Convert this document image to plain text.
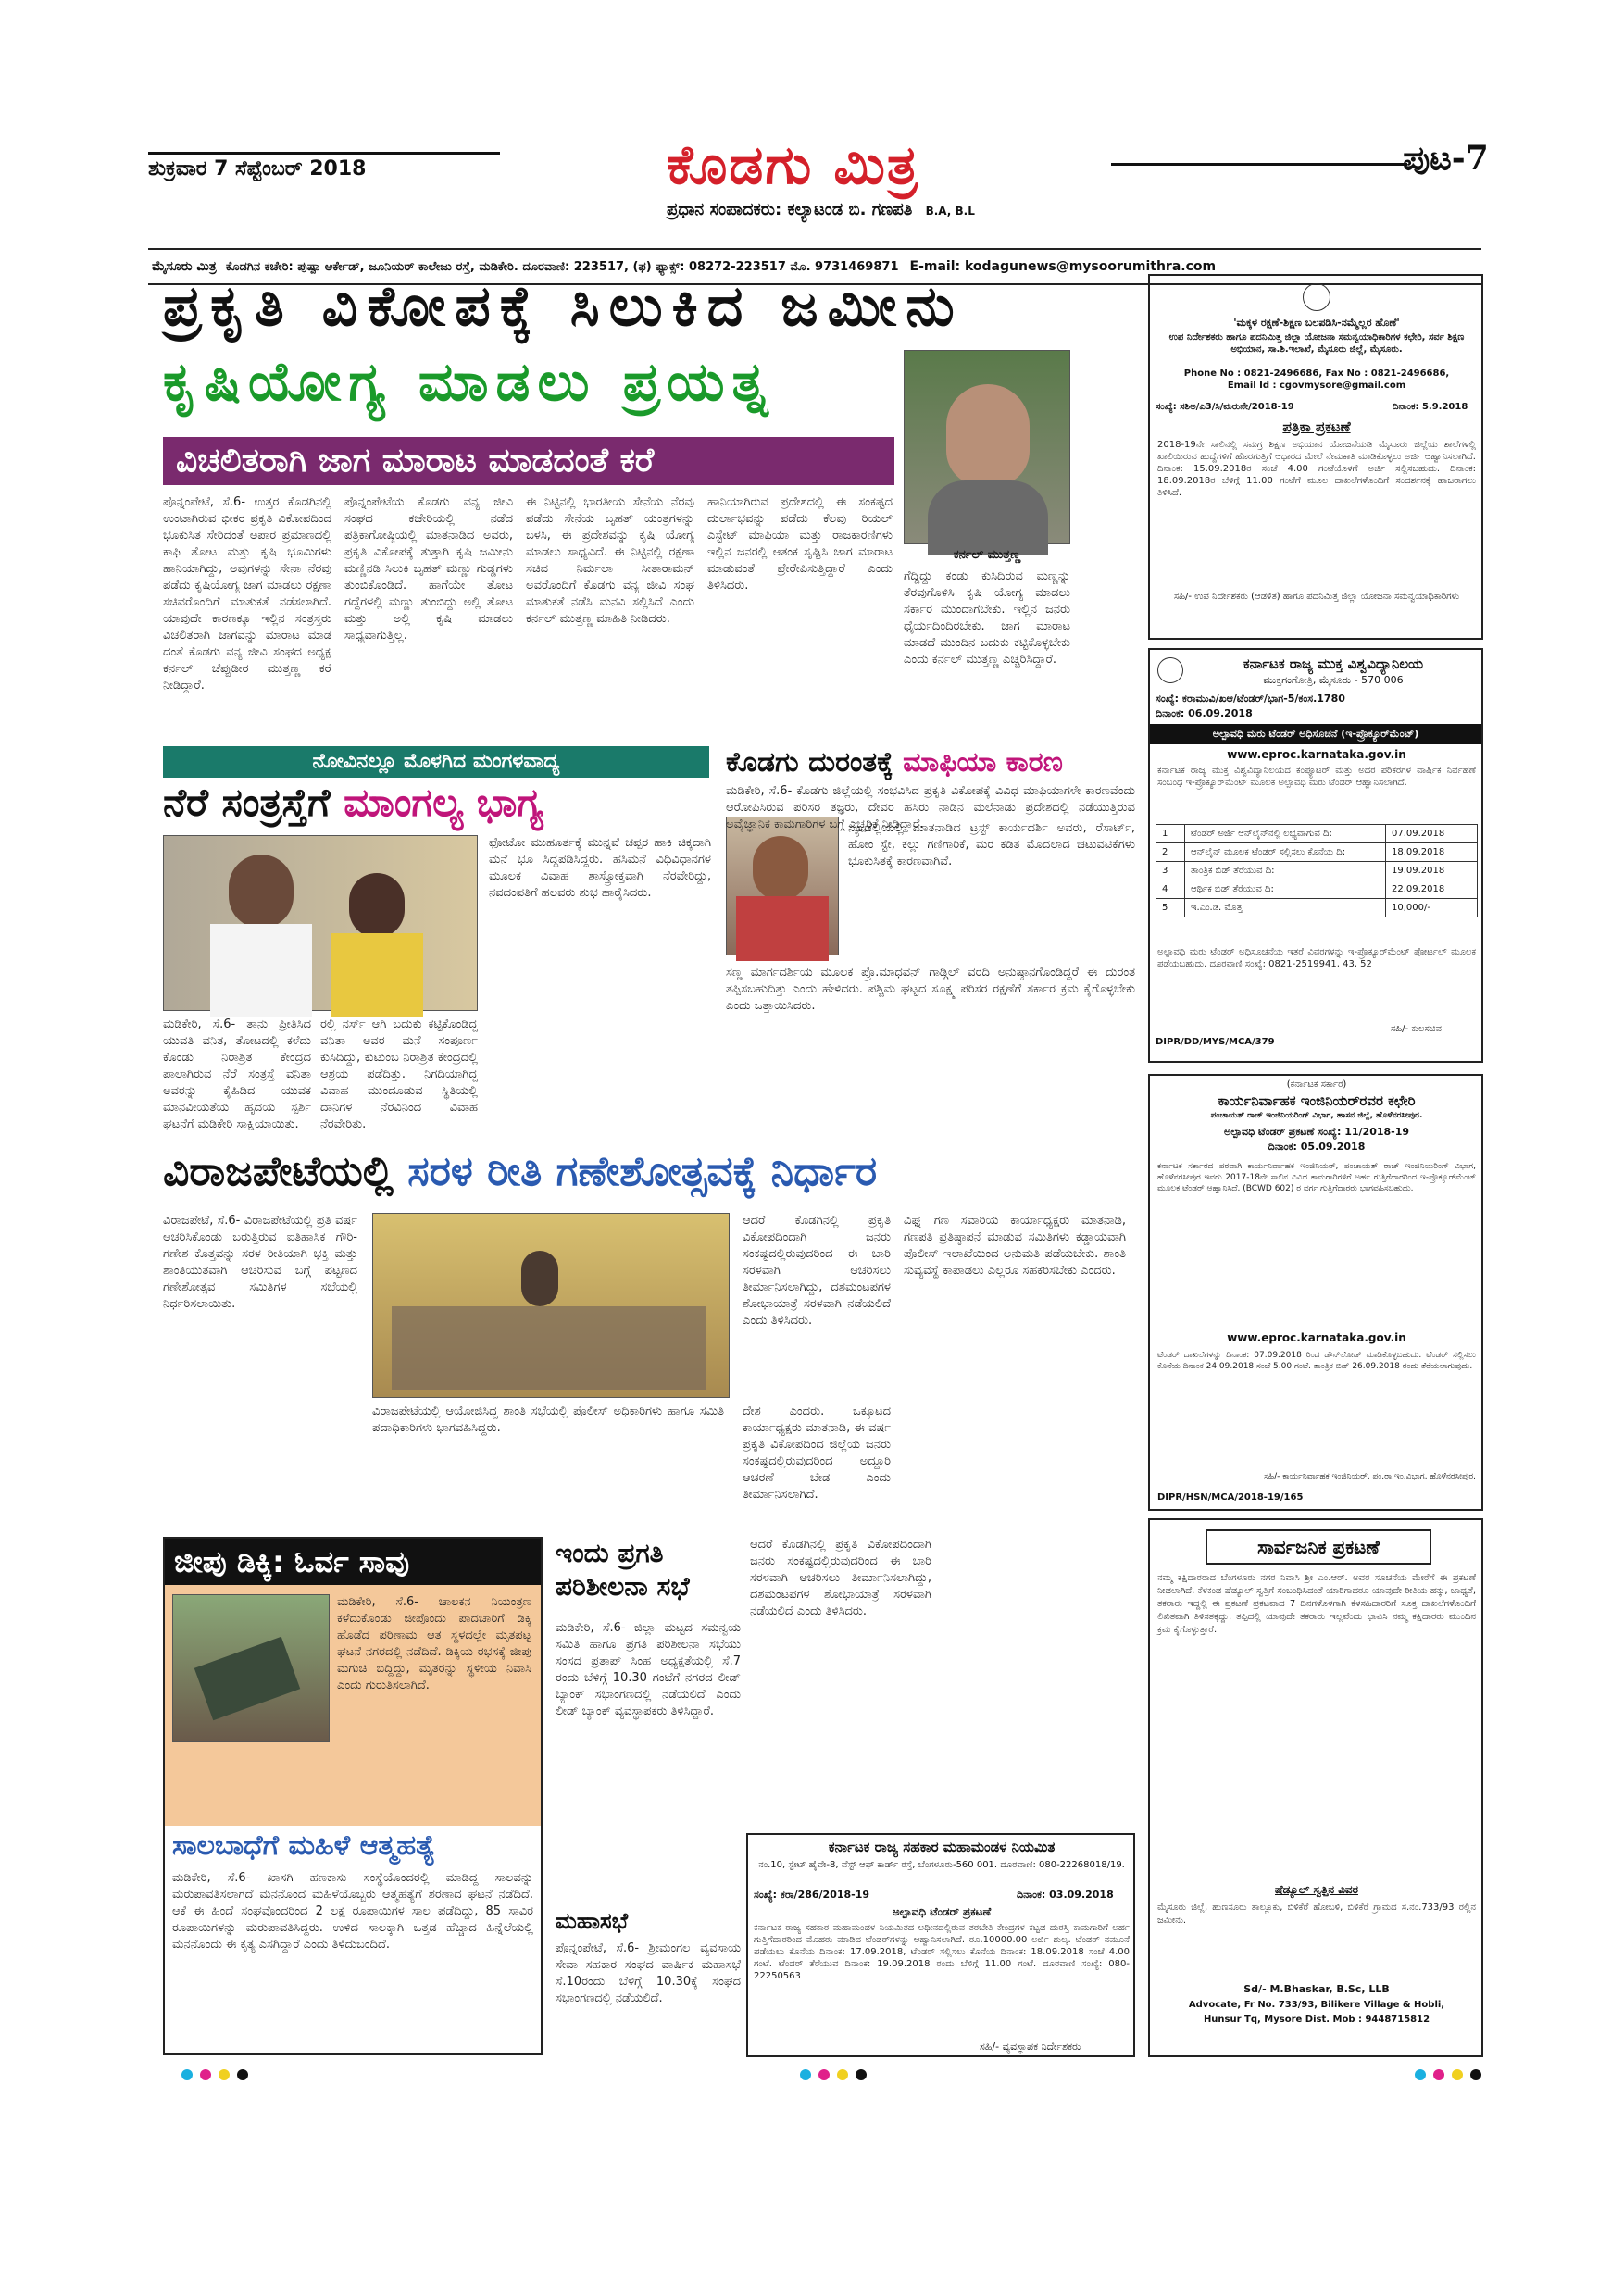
ಶುಕ್ರವಾರ 7 ಸೆಪ್ಟೆಂಬರ್ 2018	ಕೊಡಗು ಮಿತ್ರ
ಪ್ರಧಾನ ಸಂಪಾದಕರು: ಕಲ್ಯಾಟಂಡ ಬಿ. ಗಣಪತಿ B.A, B.L
ಪುಟ-7
ಮೈಸೂರು ಮಿತ್ರ ಕೊಡಗಿನ ಕಚೇರಿ: ಪುಷ್ಪಾ ಆರ್ಕೇಡ್, ಜೂನಿಯರ್ ಕಾಲೇಜು ರಸ್ತೆ, ಮಡಿಕೇರಿ. ದೂರವಾಣಿ: 223517, (ಫ) ಫ್ಯಾಕ್ಸ್: 08272-223517 ಮೊ. 9731469871 E-mail: kodagunews@mysoorumithra.com
ಪ್ರಕೃತಿ ವಿಕೋಪಕ್ಕೆ ಸಿಲುಕಿದ ಜಮೀನು
ಕೃಷಿಯೋಗ್ಯ ಮಾಡಲು ಪ್ರಯತ್ನ
ವಿಚಲಿತರಾಗಿ ಜಾಗ ಮಾರಾಟ ಮಾಡದಂತೆ ಕರೆ
ಕರ್ನಲ್ ಮುತ್ತಣ್ಣ
ಪೊನ್ನಂಪೇಟೆ, ಸೆ.6- ಉತ್ತರ ಕೊಡಗಿನಲ್ಲಿ ಉಂಟಾಗಿರುವ ಭೀಕರ ಪ್ರಕೃತಿ ವಿಕೋಪದಿಂದ ಭೂಕುಸಿತ ಸೇರಿದಂತೆ ಅಪಾರ ಪ್ರಮಾಣದಲ್ಲಿ ಕಾಫಿ ತೋಟ ಮತ್ತು ಕೃಷಿ ಭೂಮಿಗಳು ಹಾನಿಯಾಗಿದ್ದು, ಅವುಗಳನ್ನು ಸೇನಾ ನೆರವು ಪಡೆದು ಕೃಷಿಯೋಗ್ಯ ಜಾಗ ಮಾಡಲು ರಕ್ಷಣಾ ಸಚಿವರೊಂದಿಗೆ ಮಾತುಕತೆ ನಡೆಸಲಾಗಿದೆ. ಯಾವುದೇ ಕಾರಣಕ್ಕೂ ಇಲ್ಲಿನ ಸಂತ್ರಸ್ತರು ವಿಚಲಿತರಾಗಿ ಜಾಗವನ್ನು ಮಾರಾಟ ಮಾಡ ದಂತೆ ಕೊಡಗು ವನ್ಯ ಜೀವಿ ಸಂಘದ ಅಧ್ಯಕ್ಷ ಕರ್ನಲ್ ಚೆಪ್ಪುಡೀರ ಮುತ್ತಣ್ಣ ಕರೆ ನೀಡಿದ್ದಾರೆ.
ಪೊನ್ನಂಪೇಟೆಯ ಕೊಡಗು ವನ್ಯ ಜೀವಿ ಸಂಘದ ಕಚೇರಿಯಲ್ಲಿ ನಡೆದ ಪತ್ರಿಕಾಗೋಷ್ಠಿಯಲ್ಲಿ ಮಾತನಾಡಿದ ಅವರು, ಪ್ರಕೃತಿ ವಿಕೋಪಕ್ಕೆ ತುತ್ತಾಗಿ ಕೃಷಿ ಜಮೀನು ಮಣ್ಣಿನಡಿ ಸಿಲುಕಿ ಬೃಹತ್ ಮಣ್ಣು ಗುಡ್ಡಗಳು ತುಂಬಿಕೊಂಡಿದೆ. ಹಾಗೆಯೇ ತೋಟ ಗದ್ದೆಗಳಲ್ಲಿ ಮಣ್ಣು ತುಂಬಿದ್ದು ಅಲ್ಲಿ ತೋಟ ಮತ್ತು ಅಲ್ಲಿ ಕೃಷಿ ಮಾಡಲು ಸಾಧ್ಯವಾಗುತ್ತಿಲ್ಲ.
ಈ ನಿಟ್ಟಿನಲ್ಲಿ ಭಾರತೀಯ ಸೇನೆಯ ನೆರವು ಪಡೆದು ಸೇನೆಯ ಬೃಹತ್ ಯಂತ್ರಗಳನ್ನು ಬಳಸಿ, ಈ ಪ್ರದೇಶವನ್ನು ಕೃಷಿ ಯೋಗ್ಯ ಮಾಡಲು ಸಾಧ್ಯವಿದೆ. ಈ ನಿಟ್ಟಿನಲ್ಲಿ ರಕ್ಷಣಾ ಸಚಿವ ನಿರ್ಮಲಾ ಸೀತಾರಾಮನ್ ಅವರೊಂದಿಗೆ ಕೊಡಗು ವನ್ಯ ಜೀವಿ ಸಂಘ ಮಾತುಕತೆ ನಡೆಸಿ ಮನವಿ ಸಲ್ಲಿಸಿದೆ ಎಂದು ಕರ್ನಲ್ ಮುತ್ತಣ್ಣ ಮಾಹಿತಿ ನೀಡಿದರು.
ಹಾನಿಯಾಗಿರುವ ಪ್ರದೇಶದಲ್ಲಿ ಈ ಸಂಕಷ್ಟದ ದುರ್ಲಾಭವನ್ನು ಪಡೆದು ಕೆಲವು ರಿಯಲ್ ಎಸ್ಟೇಟ್ ಮಾಫಿಯಾ ಮತ್ತು ರಾಜಕಾರಣಿಗಳು ಇಲ್ಲಿನ ಜನರಲ್ಲಿ ಆತಂಕ ಸೃಷ್ಟಿಸಿ ಜಾಗ ಮಾರಾಟ ಮಾಡುವಂತೆ ಪ್ರೇರೇಪಿಸುತ್ತಿದ್ದಾರೆ ಎಂದು ತಿಳಿಸಿದರು.
ಗೆದ್ದಿದ್ದು ಕಂಡು ಕುಸಿದಿರುವ ಮಣ್ಣನ್ನು ತೆರವುಗೊಳಿಸಿ ಕೃಷಿ ಯೋಗ್ಯ ಮಾಡಲು ಸರ್ಕಾರ ಮುಂದಾಗಬೇಕು. ಇಲ್ಲಿನ ಜನರು ಧೈರ್ಯದಿಂದಿರಬೇಕು. ಜಾಗ ಮಾರಾಟ ಮಾಡದೆ ಮುಂದಿನ ಬದುಕು ಕಟ್ಟಿಕೊಳ್ಳಬೇಕು ಎಂದು ಕರ್ನಲ್ ಮುತ್ತಣ್ಣ ಎಚ್ಚರಿಸಿದ್ದಾರೆ.
ನೋವಿನಲ್ಲೂ ಮೊಳಗಿದ ಮಂಗಳವಾದ್ಯ
ನೆರೆ ಸಂತ್ರಸ್ತೆಗೆ ಮಾಂಗಲ್ಯ ಭಾಗ್ಯ
ಮಡಿಕೇರಿ, ಸೆ.6- ತಾನು ಪ್ರೀತಿಸಿದ ಯುವತಿ ವನಿತ, ತೋಟದಲ್ಲಿ ಕಳೆದು ಕೊಂಡು ನಿರಾಶ್ರಿತ ಕೇಂದ್ರದ ಪಾಲಾಗಿರುವ ನೆರೆ ಸಂತ್ರಸ್ತೆ ವನಿತಾ ಅವರನ್ನು ಕೈಹಿಡಿದ ಯುವಕ ಮಾನವೀಯತೆಯ ಹೃದಯ ಸ್ಪರ್ಶಿ ಘಟನೆಗೆ ಮಡಿಕೇರಿ ಸಾಕ್ಷಿಯಾಯಿತು.
ರಲ್ಲಿ ನರ್ಸ್ ಆಗಿ ಬದುಕು ಕಟ್ಟಿಕೊಂಡಿದ್ದ ವನಿತಾ ಅವರ ಮನೆ ಸಂಪೂರ್ಣ ಕುಸಿದಿದ್ದು, ಕುಟುಂಬ ನಿರಾಶ್ರಿತ ಕೇಂದ್ರದಲ್ಲಿ ಆಶ್ರಯ ಪಡೆದಿತ್ತು. ನಿಗದಿಯಾಗಿದ್ದ ವಿವಾಹ ಮುಂದೂಡುವ ಸ್ಥಿತಿಯಲ್ಲಿ ದಾನಿಗಳ ನೆರವಿನಿಂದ ವಿವಾಹ ನೆರವೇರಿತು.
ಫೋಟೋ ಮುಹೂರ್ತಕ್ಕೆ ಮುನ್ನವೆ ಚಪ್ಪರ ಹಾಕಿ ಚಿಕ್ಕದಾಗಿ ಮನೆ ಭೂ ಸಿದ್ಧಪಡಿಸಿದ್ದರು. ಹಸಿಮನೆ ವಿಧಿವಿಧಾನಗಳ ಮೂಲಕ ವಿವಾಹ ಶಾಸ್ತ್ರೋಕ್ತವಾಗಿ ನೆರವೇರಿದ್ದು, ನವದಂಪತಿಗೆ ಹಲವರು ಶುಭ ಹಾರೈಸಿದರು.
ಕೊಡಗು ದುರಂತಕ್ಕೆ ಮಾಫಿಯಾ ಕಾರಣ
ಮಡಿಕೇರಿ, ಸೆ.6- ಕೊಡಗು ಜಿಲ್ಲೆಯಲ್ಲಿ ಸಂಭವಿಸಿದ ಪ್ರಕೃತಿ ವಿಕೋಪಕ್ಕೆ ವಿವಿಧ ಮಾಫಿಯಾಗಳೇ ಕಾರಣವೆಂದು ಆರೋಪಿಸಿರುವ ಪರಿಸರ ತಜ್ಞರು, ದೇವರ ಹಸಿರು ನಾಡಿನ ಮಲೆನಾಡು ಪ್ರದೇಶದಲ್ಲಿ ನಡೆಯುತ್ತಿರುವ ಅವೈಜ್ಞಾನಿಕ ಕಾಮಗಾರಿಗಳ ಬಗ್ಗೆ ಎಚ್ಚರಿಕೆ ನೀಡಿದ್ದಾರೆ.
ನ್ಯೂಡೆಲ್ಲಿಯಲ್ಲಿ ಮಾತನಾಡಿದ ಟ್ರಸ್ಟ್ ಕಾರ್ಯದರ್ಶಿ ಅವರು, ರೆಸಾರ್ಟ್, ಹೋಂ ಸ್ಟೇ, ಕಲ್ಲು ಗಣಿಗಾರಿಕೆ, ಮರ ಕಡಿತ ಮೊದಲಾದ ಚಟುವಟಿಕೆಗಳು ಭೂಕುಸಿತಕ್ಕೆ ಕಾರಣವಾಗಿವೆ.
ಸಣ್ಣ ಮಾರ್ಗದರ್ಶಿಯ ಮೂಲಕ ಪ್ರೊ.ಮಾಧವನ್ ಗಾಡ್ಗಿಲ್ ವರದಿ ಅನುಷ್ಠಾನಗೊಂಡಿದ್ದರೆ ಈ ದುರಂತ ತಪ್ಪಿಸಬಹುದಿತ್ತು ಎಂದು ಹೇಳಿದರು. ಪಶ್ಚಿಮ ಘಟ್ಟದ ಸೂಕ್ಷ್ಮ ಪರಿಸರ ರಕ್ಷಣೆಗೆ ಸರ್ಕಾರ ಕ್ರಮ ಕೈಗೊಳ್ಳಬೇಕು ಎಂದು ಒತ್ತಾಯಿಸಿದರು.
ವಿರಾಜಪೇಟೆಯಲ್ಲಿ ಸರಳ ರೀತಿ ಗಣೇಶೋತ್ಸವಕ್ಕೆ ನಿರ್ಧಾರ
ವಿರಾಜಪೇಟೆ, ಸೆ.6- ವಿರಾಜಪೇಟೆಯಲ್ಲಿ ಪ್ರತಿ ವರ್ಷ ಆಚರಿಸಿಕೊಂಡು ಬರುತ್ತಿರುವ ಐತಿಹಾಸಿಕ ಗೌರಿ-ಗಣೇಶ ಕೊತ್ತವನ್ನು ಸರಳ ರೀತಿಯಾಗಿ ಭಕ್ತಿ ಮತ್ತು ಶಾಂತಿಯುತವಾಗಿ ಆಚರಿಸುವ ಬಗ್ಗೆ ಪಟ್ಟಣದ ಗಣೇಶೋತ್ಸವ ಸಮಿತಿಗಳ ಸಭೆಯಲ್ಲಿ ನಿರ್ಧರಿಸಲಾಯಿತು.
ವಿರಾಜಪೇಟೆಯಲ್ಲಿ ಆಯೋಜಿಸಿದ್ದ ಶಾಂತಿ ಸಭೆಯಲ್ಲಿ ಪೊಲೀಸ್ ಅಧಿಕಾರಿಗಳು ಹಾಗೂ ಸಮಿತಿ ಪದಾಧಿಕಾರಿಗಳು ಭಾಗವಹಿಸಿದ್ದರು.
ದೇಶ ಎಂದರು. ಒಕ್ಕೂಟದ ಕಾರ್ಯಾಧ್ಯಕ್ಷರು ಮಾತನಾಡಿ, ಈ ವರ್ಷ ಪ್ರಕೃತಿ ವಿಕೋಪದಿಂದ ಜಿಲ್ಲೆಯ ಜನರು ಸಂಕಷ್ಟದಲ್ಲಿರುವುದರಿಂದ ಅದ್ದೂರಿ ಆಚರಣೆ ಬೇಡ ಎಂದು ತೀರ್ಮಾನಿಸಲಾಗಿದೆ.
ಆದರೆ ಕೊಡಗಿನಲ್ಲಿ ಪ್ರಕೃತಿ ವಿಕೋಪದಿಂದಾಗಿ ಜನರು ಸಂಕಷ್ಟದಲ್ಲಿರುವುದರಿಂದ ಈ ಬಾರಿ ಸರಳವಾಗಿ ಆಚರಿಸಲು ತೀರ್ಮಾನಿಸಲಾಗಿದ್ದು, ದಶಮಂಟಪಗಳ ಶೋಭಾಯಾತ್ರೆ ಸರಳವಾಗಿ ನಡೆಯಲಿದೆ ಎಂದು ತಿಳಿಸಿದರು.
ವಿಘ್ನ ಗಣ ಸವಾರಿಯ ಕಾರ್ಯಾಧ್ಯಕ್ಷರು ಮಾತನಾಡಿ, ಗಣಪತಿ ಪ್ರತಿಷ್ಠಾಪನೆ ಮಾಡುವ ಸಮಿತಿಗಳು ಕಡ್ಡಾಯವಾಗಿ ಪೊಲೀಸ್ ಇಲಾಖೆಯಿಂದ ಅನುಮತಿ ಪಡೆಯಬೇಕು. ಶಾಂತಿ ಸುವ್ಯವಸ್ಥೆ ಕಾಪಾಡಲು ಎಲ್ಲರೂ ಸಹಕರಿಸಬೇಕು ಎಂದರು.
ಜೀಪು ಡಿಕ್ಕಿ: ಓರ್ವ ಸಾವು
ಮಡಿಕೇರಿ, ಸೆ.6- ಚಾಲಕನ ನಿಯಂತ್ರಣ ಕಳೆದುಕೊಂಡು ಜೀಪೊಂದು ಪಾದಚಾರಿಗೆ ಡಿಕ್ಕಿ ಹೊಡೆದ ಪರಿಣಾಮ ಆತ ಸ್ಥಳದಲ್ಲೇ ಮೃತಪಟ್ಟ ಘಟನೆ ನಗರದಲ್ಲಿ ನಡೆದಿದೆ. ಡಿಕ್ಕಿಯ ರಭಸಕ್ಕೆ ಜೀಪು ಮಗುಚಿ ಬಿದ್ದಿದ್ದು, ಮೃತರನ್ನು ಸ್ಥಳೀಯ ನಿವಾಸಿ ಎಂದು ಗುರುತಿಸಲಾಗಿದೆ.
ಸಾಲಬಾಧೆಗೆ ಮಹಿಳೆ ಆತ್ಮಹತ್ಯೆ
ಮಡಿಕೇರಿ, ಸೆ.6- ಖಾಸಗಿ ಹಣಕಾಸು ಸಂಸ್ಥೆಯೊಂದರಲ್ಲಿ ಮಾಡಿದ್ದ ಸಾಲವನ್ನು ಮರುಪಾವತಿಸಲಾಗದೆ ಮನನೊಂದ ಮಹಿಳೆಯೊಬ್ಬರು ಆತ್ಮಹತ್ಯೆಗೆ ಶರಣಾದ ಘಟನೆ ನಡೆದಿದೆ. ಆಕೆ ಈ ಹಿಂದೆ ಸಂಘವೊಂದರಿಂದ 2 ಲಕ್ಷ ರೂಪಾಯಿಗಳ ಸಾಲ ಪಡೆದಿದ್ದು, 85 ಸಾವಿರ ರೂಪಾಯಿಗಳನ್ನು ಮರುಪಾವತಿಸಿದ್ದರು. ಉಳಿದ ಸಾಲಕ್ಕಾಗಿ ಒತ್ತಡ ಹೆಚ್ಚಾದ ಹಿನ್ನೆಲೆಯಲ್ಲಿ ಮನನೊಂದು ಈ ಕೃತ್ಯ ಎಸಗಿದ್ದಾರೆ ಎಂದು ತಿಳಿದುಬಂದಿದೆ.
ಇಂದು ಪ್ರಗತಿ ಪರಿಶೀಲನಾ ಸಭೆ
ಮಡಿಕೇರಿ, ಸೆ.6- ಜಿಲ್ಲಾ ಮಟ್ಟದ ಸಮನ್ವಯ ಸಮಿತಿ ಹಾಗೂ ಪ್ರಗತಿ ಪರಿಶೀಲನಾ ಸಭೆಯು ಸಂಸದ ಪ್ರತಾಪ್ ಸಿಂಹ ಅಧ್ಯಕ್ಷತೆಯಲ್ಲಿ ಸೆ.7 ರಂದು ಬೆಳಿಗ್ಗೆ 10.30 ಗಂಟೆಗೆ ನಗರದ ಲೀಡ್ ಬ್ಯಾಂಕ್ ಸಭಾಂಗಣದಲ್ಲಿ ನಡೆಯಲಿದೆ ಎಂದು ಲೀಡ್ ಬ್ಯಾಂಕ್ ವ್ಯವಸ್ಥಾಪಕರು ತಿಳಿಸಿದ್ದಾರೆ.
ಮಹಾಸಭೆ
ಪೊನ್ನಂಪೇಟೆ, ಸೆ.6- ಶ್ರೀಮಂಗಲ ವ್ಯವಸಾಯ ಸೇವಾ ಸಹಕಾರ ಸಂಘದ ವಾರ್ಷಿಕ ಮಹಾಸಭೆ ಸೆ.10ರಂದು ಬೆಳಿಗ್ಗೆ 10.30ಕ್ಕೆ ಸಂಘದ ಸಭಾಂಗಣದಲ್ಲಿ ನಡೆಯಲಿದೆ.
ಆದರೆ ಕೊಡಗಿನಲ್ಲಿ ಪ್ರಕೃತಿ ವಿಕೋಪದಿಂದಾಗಿ ಜನರು ಸಂಕಷ್ಟದಲ್ಲಿರುವುದರಿಂದ ಈ ಬಾರಿ ಸರಳವಾಗಿ ಆಚರಿಸಲು ತೀರ್ಮಾನಿಸಲಾಗಿದ್ದು, ದಶಮಂಟಪಗಳ ಶೋಭಾಯಾತ್ರೆ ಸರಳವಾಗಿ ನಡೆಯಲಿದೆ ಎಂದು ತಿಳಿಸಿದರು.
ಕರ್ನಾಟಕ ರಾಜ್ಯ ಸಹಕಾರ ಮಹಾಮಂಡಳ ನಿಯಮಿತ
ನಂ.10, ಸ್ಟೇಟ್ ಹೈವೇ-8, ವೆಸ್ಟ್ ಆಫ್ ಕಾರ್ಡ್ ರಸ್ತೆ, ಬೆಂಗಳೂರು-560 001. ದೂರವಾಣಿ: 080-22268018/19.
ಸಂಖ್ಯೆ: ಕರಾ/286/2018-19	ದಿನಾಂಕ: 03.09.2018
ಅಲ್ಪಾವಧಿ ಟೆಂಡರ್ ಪ್ರಕಟಣೆ
ಕರ್ನಾಟಕ ರಾಜ್ಯ ಸಹಕಾರ ಮಹಾಮಂಡಳ ನಿಯಮಿತದ ಅಧೀನದಲ್ಲಿರುವ ತರಬೇತಿ ಕೇಂದ್ರಗಳ ಕಟ್ಟಡ ದುರಸ್ತಿ ಕಾಮಗಾರಿಗೆ ಅರ್ಹ ಗುತ್ತಿಗೆದಾರರಿಂದ ಮೊಹರು ಮಾಡಿದ ಟೆಂಡರ್‌ಗಳನ್ನು ಆಹ್ವಾನಿಸಲಾಗಿದೆ. ರೂ.10000.00 ಅರ್ಜಿ ಶುಲ್ಕ. ಟೆಂಡರ್ ನಮೂನೆ ಪಡೆಯಲು ಕೊನೆಯ ದಿನಾಂಕ: 17.09.2018, ಟೆಂಡರ್ ಸಲ್ಲಿಸಲು ಕೊನೆಯ ದಿನಾಂಕ: 18.09.2018 ಸಂಜೆ 4.00 ಗಂಟೆ. ಟೆಂಡರ್ ತೆರೆಯುವ ದಿನಾಂಕ: 19.09.2018 ರಂದು ಬೆಳಿಗ್ಗೆ 11.00 ಗಂಟೆ. ದೂರವಾಣಿ ಸಂಖ್ಯೆ: 080-22250563
ಸಹಿ/- ವ್ಯವಸ್ಥಾಪಕ ನಿರ್ದೇಶಕರು
'ಮಕ್ಕಳ ರಕ್ಷಣೆ-ಶಿಕ್ಷಣ ಬಲಪಡಿಸಿ-ನಮ್ಮೆಲ್ಲರ ಹೊಣೆ'
ಉಪ ನಿರ್ದೇಶಕರು ಹಾಗೂ ಪದನಿಮಿತ್ತ ಜಿಲ್ಲಾ ಯೋಜನಾ ಸಮನ್ವಯಾಧಿಕಾರಿಗಳ ಕಛೇರಿ, ಸರ್ವ ಶಿಕ್ಷಣ ಅಭಿಯಾನ, ಸಾ.ಶಿ.ಇಲಾಖೆ, ಮೈಸೂರು ಜಿಲ್ಲೆ, ಮೈಸೂರು.
Phone No : 0821-2496686, Fax No : 0821-2496686,
Email Id : cgovmysore@gmail.com
ಸಂಖ್ಯೆ: ಸಶಿಅ/ಎ3/ಸಿ/ಮರುನೇ/2018-19	ದಿನಾಂಕ: 5.9.2018
ಪತ್ರಿಕಾ ಪ್ರಕಟಣೆ
2018-19ನೇ ಸಾಲಿನಲ್ಲಿ ಸಮಗ್ರ ಶಿಕ್ಷಣ ಅಭಿಯಾನ ಯೋಜನೆಯಡಿ ಮೈಸೂರು ಜಿಲ್ಲೆಯ ಶಾಲೆಗಳಲ್ಲಿ ಖಾಲಿಯಿರುವ ಹುದ್ದೆಗಳಿಗೆ ಹೊರಗುತ್ತಿಗೆ ಆಧಾರದ ಮೇಲೆ ನೇಮಕಾತಿ ಮಾಡಿಕೊಳ್ಳಲು ಅರ್ಜಿ ಆಹ್ವಾನಿಸಲಾಗಿದೆ. ದಿನಾಂಕ: 15.09.2018ರ ಸಂಜೆ 4.00 ಗಂಟೆಯೊಳಗೆ ಅರ್ಜಿ ಸಲ್ಲಿಸಬಹುದು. ದಿನಾಂಕ: 18.09.2018ರ ಬೆಳಿಗ್ಗೆ 11.00 ಗಂಟೆಗೆ ಮೂಲ ದಾಖಲೆಗಳೊಂದಿಗೆ ಸಂದರ್ಶನಕ್ಕೆ ಹಾಜರಾಗಲು ತಿಳಿಸಿದೆ.
ಸಹಿ/- ಉಪ ನಿರ್ದೇಶಕರು (ಆಡಳಿತ) ಹಾಗೂ ಪದನಿಮಿತ್ತ ಜಿಲ್ಲಾ ಯೋಜನಾ ಸಮನ್ವಯಾಧಿಕಾರಿಗಳು
ಕರ್ನಾಟಕ ರಾಜ್ಯ ಮುಕ್ತ ವಿಶ್ವವಿದ್ಯಾನಿಲಯ
ಮುಕ್ತಗಂಗೋತ್ರಿ, ಮೈಸೂರು - 570 006
ಸಂಖ್ಯೆ: ಕರಾಮುವಿ/ಖಆ/ಟೆಂಡರ್/ಭಾಗ-5/ಕಂಸ.1780
ದಿನಾಂಕ: 06.09.2018
ಅಲ್ಪಾವಧಿ ಮರು ಟೆಂಡರ್ ಅಧಿಸೂಚನೆ (ಇ-ಪ್ರೊಕ್ಯೂರ್‌ಮೆಂಟ್)
www.eproc.karnataka.gov.in
ಕರ್ನಾಟಕ ರಾಜ್ಯ ಮುಕ್ತ ವಿಶ್ವವಿದ್ಯಾನಿಲಯದ ಕಂಪ್ಯೂಟರ್ ಮತ್ತು ಅದರ ಪರಿಕರಗಳ ವಾರ್ಷಿಕ ನಿರ್ವಹಣೆ ಸಂಬಂಧ ಇ-ಪ್ರೊಕ್ಯೂರ್‌ಮೆಂಟ್ ಮೂಲಕ ಅಲ್ಪಾವಧಿ ಮರು ಟೆಂಡರ್ ಆಹ್ವಾನಿಸಲಾಗಿದೆ.
1	ಟೆಂಡರ್ ಅರ್ಜಿ ಆನ್‌ಲೈನ್‌ನಲ್ಲಿ ಲಭ್ಯವಾಗುವ ದಿ:	07.09.2018
2	ಆನ್‌ಲೈನ್ ಮೂಲಕ ಟೆಂಡರ್ ಸಲ್ಲಿಸಲು ಕೊನೆಯ ದಿ:	18.09.2018
3	ತಾಂತ್ರಿಕ ಬಿಡ್ ತೆರೆಯುವ ದಿ:	19.09.2018
4	ಆರ್ಥಿಕ ಬಿಡ್ ತೆರೆಯುವ ದಿ:	22.09.2018
5	ಇ.ಎಂ.ಡಿ. ಮೊತ್ತ	10,000/-
ಅಲ್ಪಾವಧಿ ಮರು ಟೆಂಡರ್ ಅಧಿಸೂಚನೆಯ ಇತರೆ ವಿವರಗಳನ್ನು ಇ-ಪ್ರೊಕ್ಯೂರ್‌ಮೆಂಟ್ ಪೋರ್ಟಲ್ ಮೂಲಕ ಪಡೆಯಬಹುದು. ದೂರವಾಣಿ ಸಂಖ್ಯೆ: 0821-2519941, 43, 52
DIPR/DD/MYS/MCA/379
ಸಹಿ/- ಕುಲಸಚಿವ
(ಕರ್ನಾಟಕ ಸರ್ಕಾರ)
ಕಾರ್ಯನಿರ್ವಾಹಕ ಇಂಜಿನಿಯರ್‌ರವರ ಕಛೇರಿ
ಪಂಚಾಯತ್ ರಾಜ್ ಇಂಜಿನಿಯರಿಂಗ್ ವಿಭಾಗ, ಹಾಸನ ಜಿಲ್ಲೆ, ಹೊಳೆನರಸೀಪುರ.
ಅಲ್ಪಾವಧಿ ಟೆಂಡರ್ ಪ್ರಕಟಣೆ ಸಂಖ್ಯೆ: 11/2018-19
ದಿನಾಂಕ: 05.09.2018
ಕರ್ನಾಟಕ ಸರ್ಕಾರದ ಪರವಾಗಿ ಕಾರ್ಯನಿರ್ವಾಹಕ ಇಂಜಿನಿಯರ್, ಪಂಚಾಯತ್ ರಾಜ್ ಇಂಜಿನಿಯರಿಂಗ್ ವಿಭಾಗ, ಹೊಳೆನರಸೀಪುರ ಇವರು 2017-18ನೇ ಸಾಲಿನ ವಿವಿಧ ಕಾಮಗಾರಿಗಳಿಗೆ ಅರ್ಹ ಗುತ್ತಿಗೆದಾರರಿಂದ ಇ-ಪ್ರೊಕ್ಯೂರ್‌ಮೆಂಟ್ ಮೂಲಕ ಟೆಂಡರ್ ಆಹ್ವಾನಿಸಿದೆ. (BCWD 602) ರ ವರ್ಗ ಗುತ್ತಿಗೆದಾರರು ಭಾಗವಹಿಸಬಹುದು.
www.eproc.karnataka.gov.in
ಟೆಂಡರ್ ದಾಖಲೆಗಳನ್ನು ದಿನಾಂಕ: 07.09.2018 ರಿಂದ ಡೌನ್‌ಲೋಡ್ ಮಾಡಿಕೊಳ್ಳಬಹುದು. ಟೆಂಡರ್ ಸಲ್ಲಿಸಲು ಕೊನೆಯ ದಿನಾಂಕ 24.09.2018 ಸಂಜೆ 5.00 ಗಂಟೆ. ತಾಂತ್ರಿಕ ಬಿಡ್ 26.09.2018 ರಂದು ತೆರೆಯಲಾಗುವುದು.
ಸಹಿ/- ಕಾರ್ಯನಿರ್ವಾಹಕ ಇಂಜಿನಿಯರ್, ಪಂ.ರಾ.ಇಂ.ವಿಭಾಗ, ಹೊಳೆನರಸೀಪುರ.
DIPR/HSN/MCA/2018-19/165
ಸಾರ್ವಜನಿಕ ಪ್ರಕಟಣೆ
ನಮ್ಮ ಕಕ್ಷಿದಾರರಾದ ಬೆಂಗಳೂರು ನಗರ ನಿವಾಸಿ ಶ್ರೀ ಎಂ.ಆರ್. ಅವರ ಸೂಚನೆಯ ಮೇರೆಗೆ ಈ ಪ್ರಕಟಣೆ ನೀಡಲಾಗಿದೆ. ಕೆಳಕಂಡ ಷೆಡ್ಯೂಲ್ ಸ್ವತ್ತಿಗೆ ಸಂಬಂಧಿಸಿದಂತೆ ಯಾರಿಗಾದರೂ ಯಾವುದೇ ರೀತಿಯ ಹಕ್ಕು, ಬಾಧ್ಯತೆ, ತಕರಾರು ಇದ್ದಲ್ಲಿ ಈ ಪ್ರಕಟಣೆ ಪ್ರಕಟವಾದ 7 ದಿನಗಳೊಳಗಾಗಿ ಕೆಳಸಹಿದಾರರಿಗೆ ಸೂಕ್ತ ದಾಖಲೆಗಳೊಂದಿಗೆ ಲಿಖಿತವಾಗಿ ತಿಳಿಸತಕ್ಕದ್ದು. ತಪ್ಪಿದಲ್ಲಿ ಯಾವುದೇ ತಕರಾರು ಇಲ್ಲವೆಂದು ಭಾವಿಸಿ ನಮ್ಮ ಕಕ್ಷಿದಾರರು ಮುಂದಿನ ಕ್ರಮ ಕೈಗೊಳ್ಳುತ್ತಾರೆ.
ಷೆಡ್ಯೂಲ್ ಸ್ವತ್ತಿನ ವಿವರ
ಮೈಸೂರು ಜಿಲ್ಲೆ, ಹುಣಸೂರು ತಾಲ್ಲೂಕು, ಬಿಳಿಕೆರೆ ಹೋಬಳಿ, ಬಿಳಿಕೆರೆ ಗ್ರಾಮದ ಸ.ನಂ.733/93 ರಲ್ಲಿನ ಜಮೀನು.
Sd/- M.Bhaskar, B.Sc, LLB
Advocate, Fr No. 733/93, Bilikere Village & Hobli,
Hunsur Tq, Mysore Dist. Mob : 9448715812
